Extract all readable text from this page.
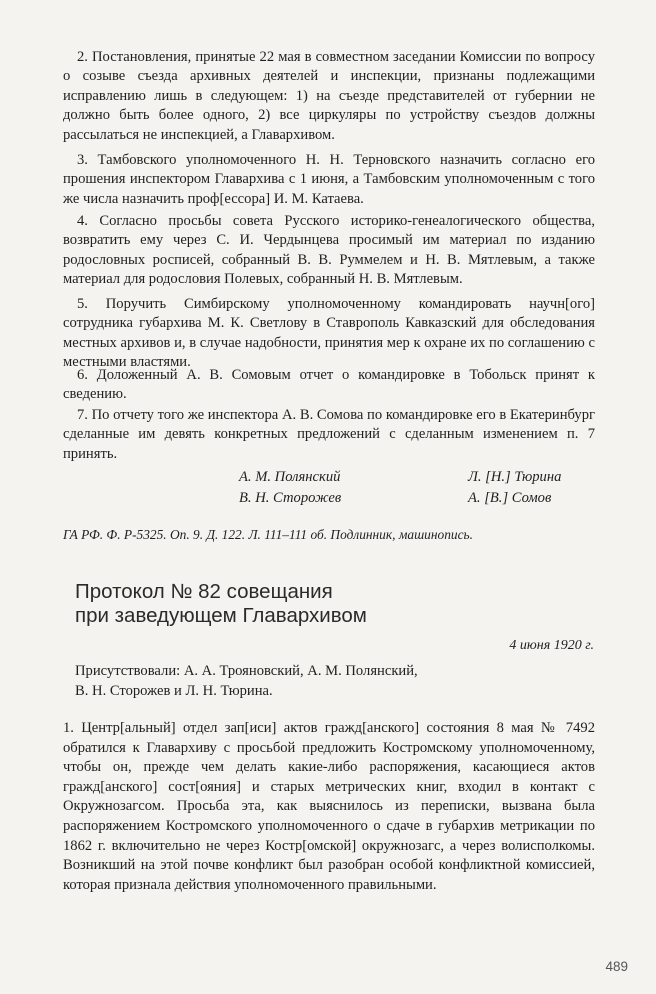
2. Постановления, принятые 22 мая в совместном заседании Комиссии по вопросу о созыве съезда архивных деятелей и инспекции, признаны подлежащими исправлению лишь в следующем: 1) на съезде представителей от губернии не должно быть более одного, 2) все циркуляры по устройству съездов должны рассылаться не инспекцией, а Главархивом.

3. Тамбовского уполномоченного Н. Н. Терновского назначить согласно его прошения инспектором Главархива с 1 июня, а Тамбовским уполномоченным с того же числа назначить проф[ессора] И. М. Катаева.

4. Согласно просьбы совета Русского историко-генеалогического общества, возвратить ему через С. И. Чердынцева просимый им материал по изданию родословных росписей, собранный В. В. Руммелем и Н. В. Мятлевым, а также материал для родословия Полевых, собранный Н. В. Мятлевым.

5. Поручить Симбирскому уполномоченному командировать научн[ого] сотрудника губархива М. К. Светлову в Ставрополь Кавказский для обследования местных архивов и, в случае надобности, принятия мер к охране их по соглашению с местными властями.

6. Доложенный А. В. Сомовым отчет о командировке в Тобольск принят к сведению.

7. По отчету того же инспектора А. В. Сомова по командировке его в Екатеринбург сделанные им девять конкретных предложений с сделанным изменением п. 7 принять.

А. М. Полянский
В. Н. Сторожев
Л. [Н.] Тюрина
А. [В.] Сомов
ГА РФ. Ф. Р-5325. Оп. 9. Д. 122. Л. 111–111 об. Подлинник, машинопись.
Протокол № 82 совещания
при заведующем Главархивом
4 июня 1920 г.

Присутствовали: А. А. Трояновский, А. М. Полянский,
В. Н. Сторожев и Л. Н. Тюрина.

1. Центр[альный] отдел зап[иси] актов гражд[анского] состояния 8 мая № 7492 обратился к Главархиву с просьбой предложить Костромскому уполномоченному, чтобы он, прежде чем делать какие-либо распоряжения, касающиеся актов гражд[анского] сост[ояния] и старых метрических книг, входил в контакт с Окружнозагсом. Просьба эта, как выяснилось из переписки, вызвана была распоряжением Костромского уполномоченного о сдаче в губархив метрикации по 1862 г. включительно не через Костр[омской] окружнозагс, а через волисполкомы. Возникший на этой почве конфликт был разобран особой конфликтной комиссией, которая признала действия уполномоченного правильными.

489
